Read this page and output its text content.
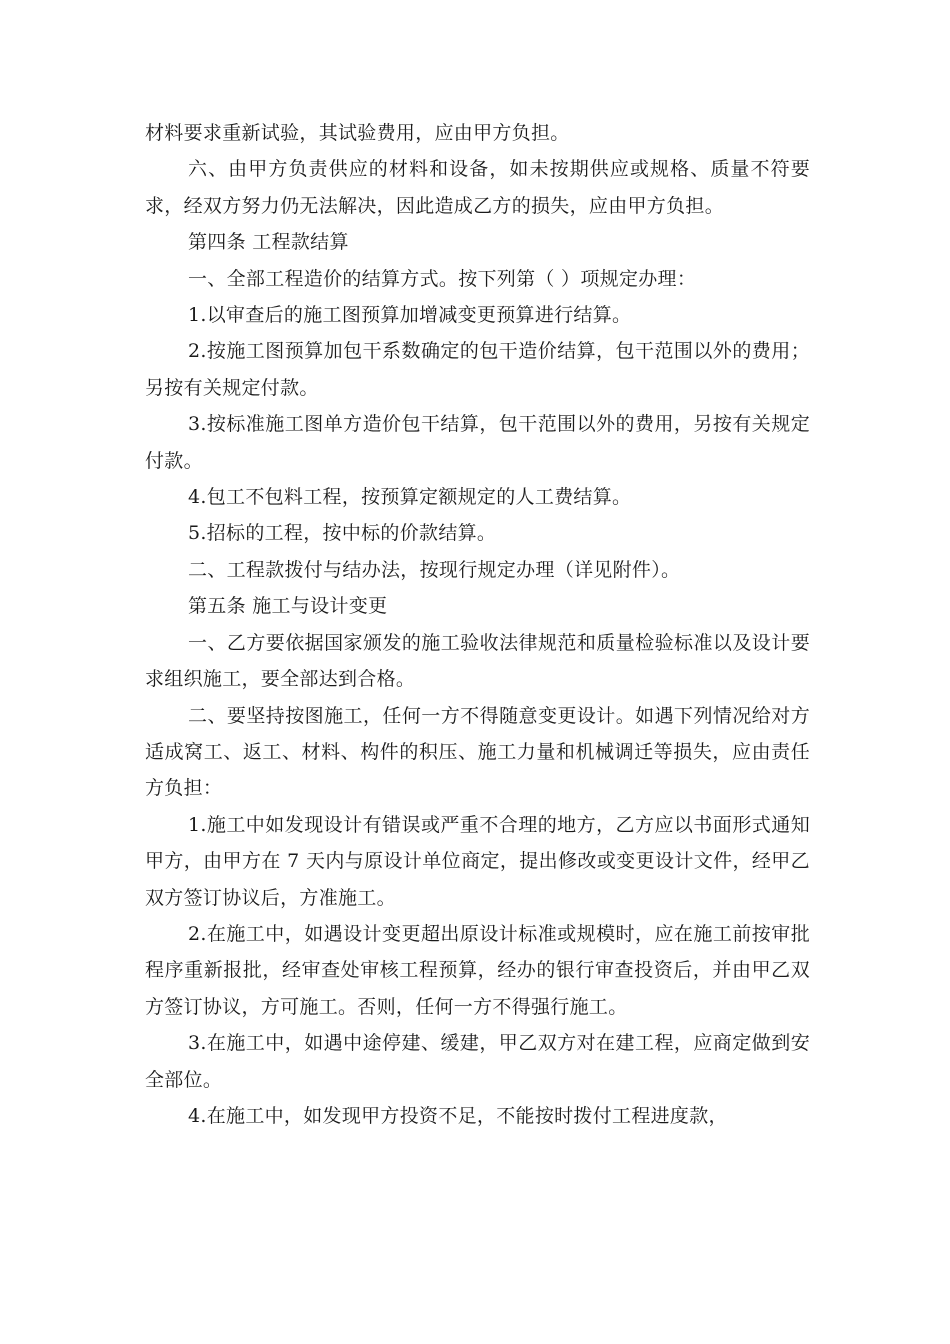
材料要求重新试验，其试验费用，应由甲方负担。

六、由甲方负责供应的材料和设备，如未按期供应或规格、质量不符要求，经双方努力仍无法解决，因此造成乙方的损失，应由甲方负担。

第四条 工程款结算

一、全部工程造价的结算方式。按下列第（ ）项规定办理：

1.以审查后的施工图预算加增减变更预算进行结算。

2.按施工图预算加包干系数确定的包干造价结算，包干范围以外的费用；另按有关规定付款。

3.按标准施工图单方造价包干结算，包干范围以外的费用，另按有关规定付款。

4.包工不包料工程，按预算定额规定的人工费结算。

5.招标的工程，按中标的价款结算。

二、工程款拨付与结办法，按现行规定办理（详见附件）。

第五条 施工与设计变更

一、乙方要依据国家颁发的施工验收法律规范和质量检验标准以及设计要求组织施工，要全部达到合格。

二、要坚持按图施工，任何一方不得随意变更设计。如遇下列情况给对方适成窝工、返工、材料、构件的积压、施工力量和机械调迁等损失，应由责任方负担：

1.施工中如发现设计有错误或严重不合理的地方，乙方应以书面形式通知甲方，由甲方在 7 天内与原设计单位商定，提出修改或变更设计文件，经甲乙双方签订协议后，方准施工。

2.在施工中，如遇设计变更超出原设计标准或规模时，应在施工前按审批程序重新报批，经审查处审核工程预算，经办的银行审查投资后，并由甲乙双方签订协议，方可施工。否则，任何一方不得强行施工。

3.在施工中，如遇中途停建、缓建，甲乙双方对在建工程，应商定做到安全部位。

4.在施工中，如发现甲方投资不足，不能按时拨付工程进度款，
